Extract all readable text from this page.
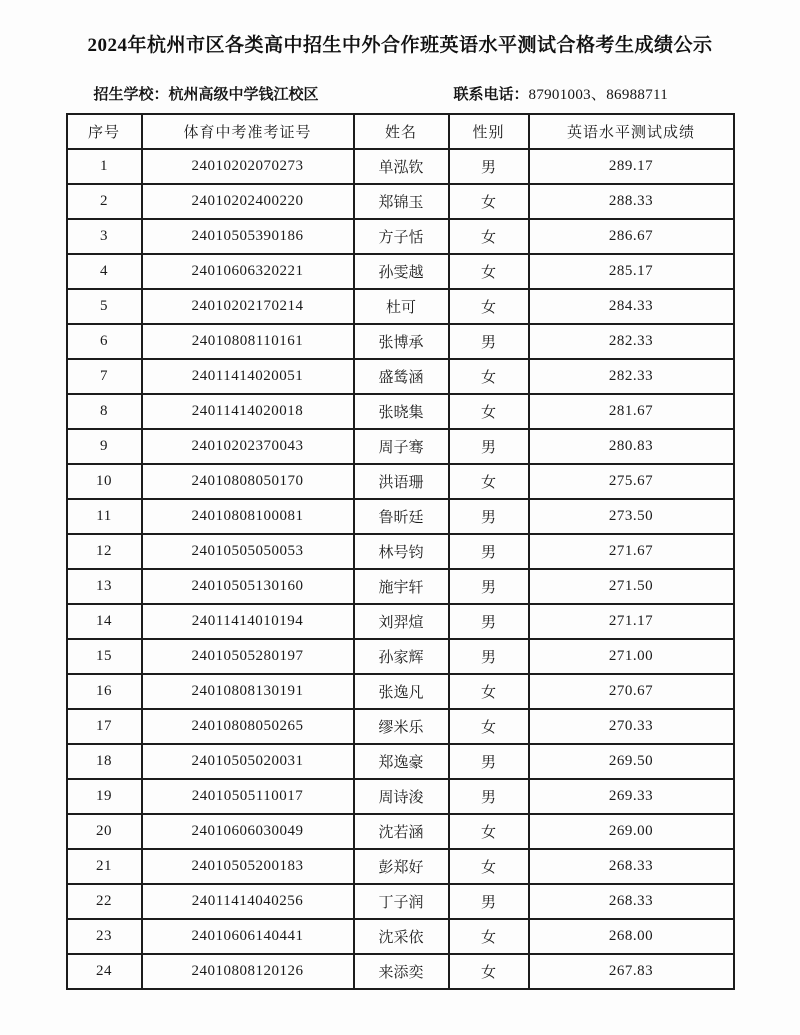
2024年杭州市区各类高中招生中外合作班英语水平测试合格考生成绩公示
招生学校：杭州高级中学钱江校区	联系电话：87901003、86988711
序号	体育中考准考证号	姓名	性别	英语水平测试成绩
1	24010202070273	单泓钦	男	289.17
2	24010202400220	郑锦玉	女	288.33
3	24010505390186	方子恬	女	286.67
4	24010606320221	孙雯越	女	285.17
5	24010202170214	杜可	女	284.33
6	24010808110161	张博承	男	282.33
7	24011414020051	盛鸶涵	女	282.33
8	24011414020018	张晓集	女	281.67
9	24010202370043	周子骞	男	280.83
10	24010808050170	洪语珊	女	275.67
11	24010808100081	鲁昕廷	男	273.50
12	24010505050053	林号钧	男	271.67
13	24010505130160	施宇轩	男	271.50
14	24011414010194	刘羿煊	男	271.17
15	24010505280197	孙家辉	男	271.00
16	24010808130191	张逸凡	女	270.67
17	24010808050265	缪米乐	女	270.33
18	24010505020031	郑逸豪	男	269.50
19	24010505110017	周诗浚	男	269.33
20	24010606030049	沈若涵	女	269.00
21	24010505200183	彭郑好	女	268.33
22	24011414040256	丁子润	男	268.33
23	24010606140441	沈采依	女	268.00
24	24010808120126	来添奕	女	267.83
